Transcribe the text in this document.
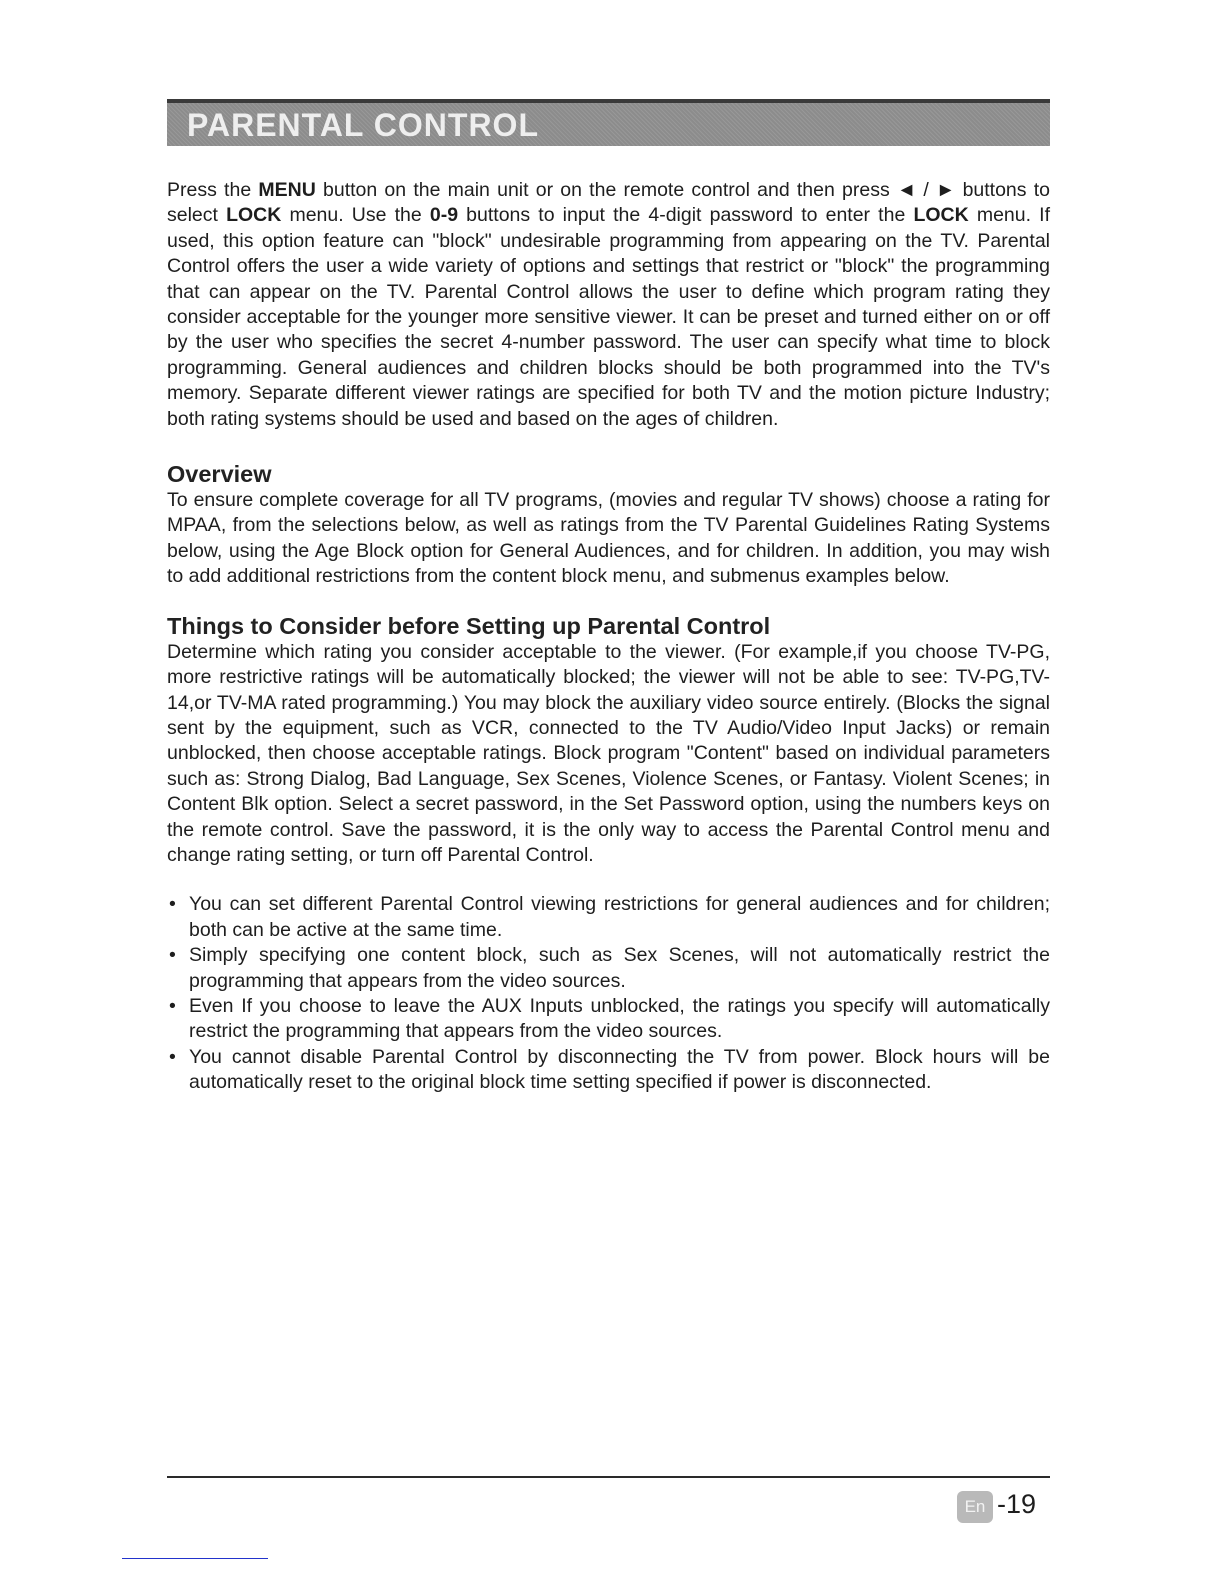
PARENTAL CONTROL

Press the MENU button on the main unit or on the remote control and then press ◄ / ► buttons to select LOCK menu. Use the 0-9 buttons to input the 4-digit password to enter the LOCK menu. If used, this option feature can "block" undesirable programming from appearing on the TV. Parental Control offers the user a wide variety of options and settings that restrict or "block" the programming that can appear on the TV. Parental Control allows the user to define which program rating they consider acceptable for the younger more sensitive viewer. It can be preset and turned either on or off by the user who specifies the secret 4-number password. The user can specify what time to block programming. General audiences and children blocks should be both programmed into the TV's memory. Separate different viewer ratings are specified for both TV and the motion picture Industry; both rating systems should be used and based on the ages of children.

Overview

To ensure complete coverage for all TV programs, (movies and regular TV shows) choose a rating for MPAA, from the selections below, as well as ratings from the TV Parental Guidelines Rating Systems below, using the Age Block option for General Audiences, and for children. In addition, you may wish to add additional restrictions from the content block menu, and submenus examples below.

Things to Consider before Setting up Parental Control

Determine which rating you consider acceptable to the viewer. (For example,if you choose TV-PG, more restrictive ratings will be automatically blocked; the viewer will not be able to see: TV-PG,TV-14,or TV-MA rated programming.) You may block the auxiliary video source entirely. (Blocks the signal sent by the equipment, such as VCR, connected to the TV Audio/Video Input Jacks) or remain unblocked, then choose acceptable ratings. Block program "Content" based on individual parameters such as: Strong Dialog, Bad Language, Sex Scenes, Violence Scenes, or Fantasy. Violent Scenes; in Content Blk option. Select a secret password, in the Set Password option, using the numbers keys on the remote control. Save the password, it is the only way to access the Parental Control menu and change rating setting, or turn off Parental Control.

• You can set different Parental Control viewing restrictions for general audiences and for children; both can be active at the same time.
• Simply specifying one content block, such as Sex Scenes, will not automatically restrict the programming that appears from the video sources.
• Even If you choose to leave the AUX Inputs unblocked, the ratings you specify will automatically restrict the programming that appears from the video sources.
• You cannot disable Parental Control by disconnecting the TV from power. Block hours will be automatically reset to the original block time setting specified if power is disconnected.
En -19
